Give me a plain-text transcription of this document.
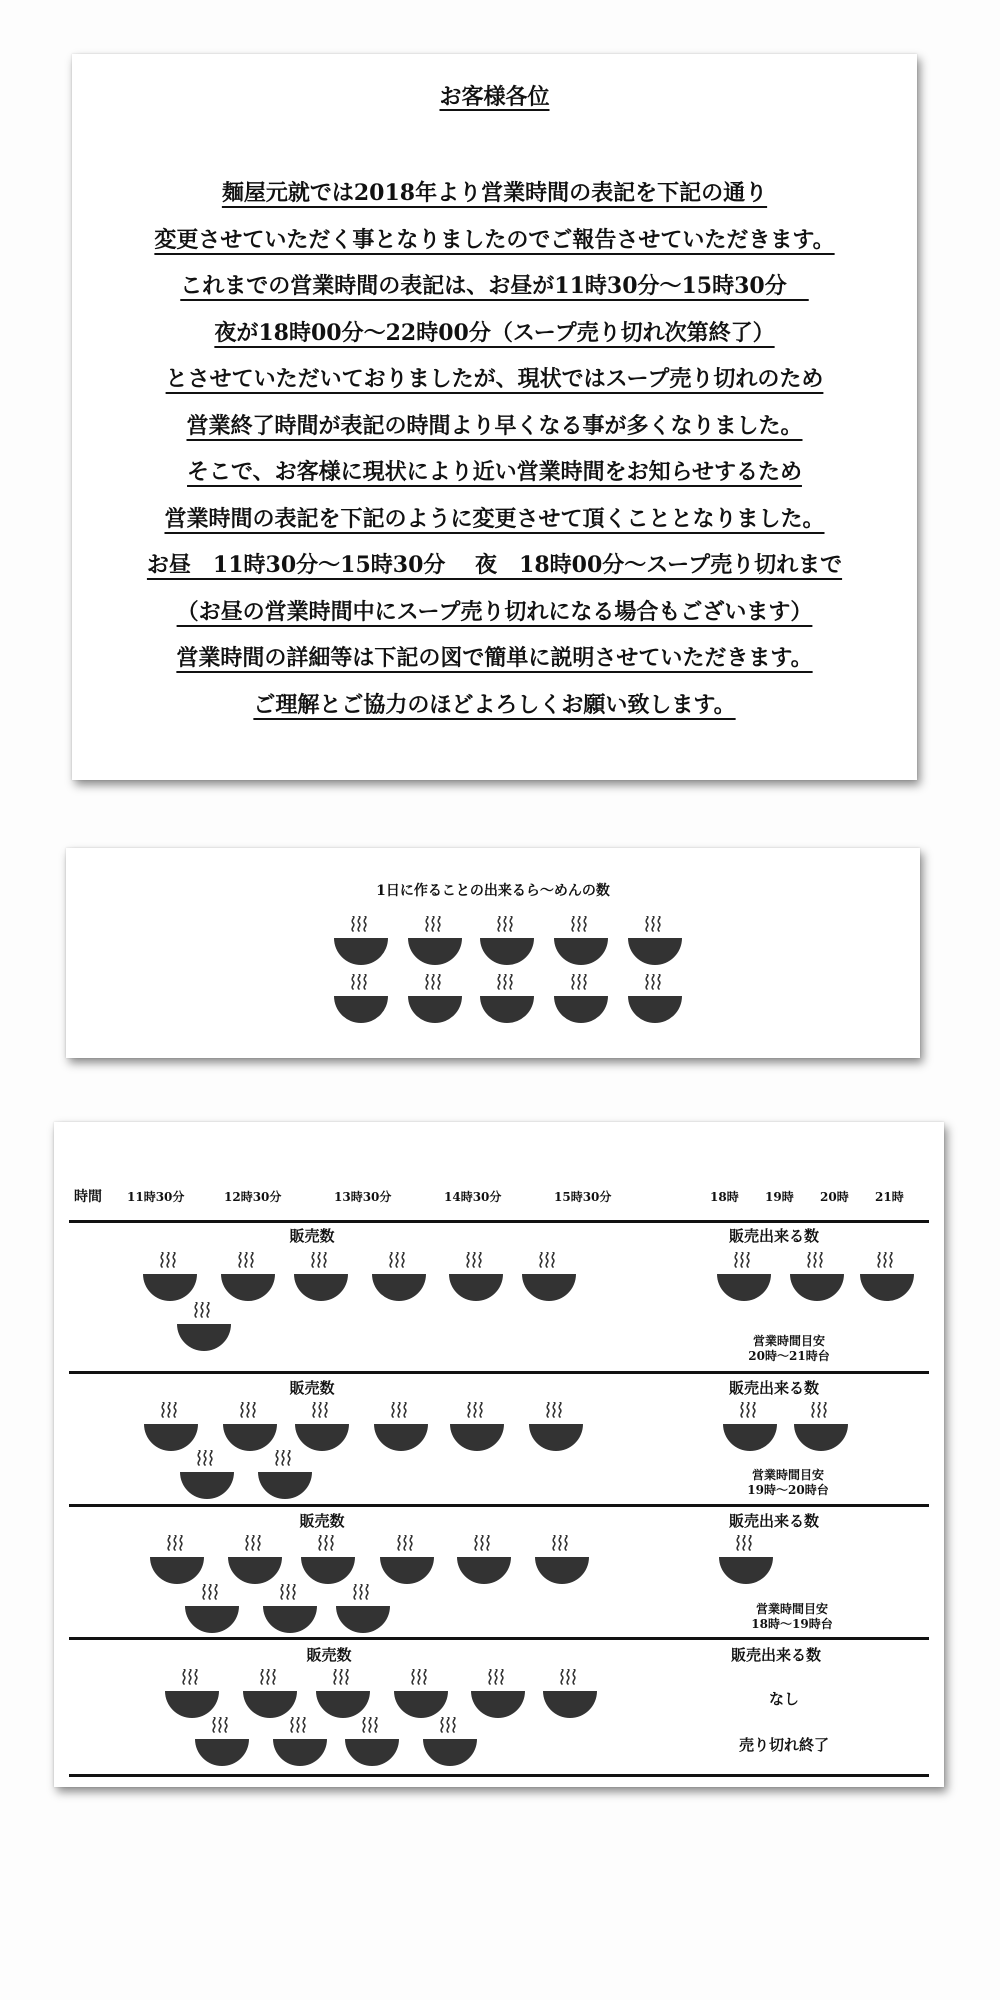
お客様各位
麺屋元就では2018年より営業時間の表記を下記の通り
変更させていただく事となりましたのでご報告させていただきます。
これまでの営業時間の表記は、お昼が11時30分～15時30分　
夜が18時00分～22時00分（スープ売り切れ次第終了）
とさせていただいておりましたが、現状ではスープ売り切れのため
営業終了時間が表記の時間より早くなる事が多くなりました。
そこで、お客様に現状により近い営業時間をお知らせするため
営業時間の表記を下記のように変更させて頂くこととなりました。
お昼　11時30分～15時30分　 夜　18時00分～スープ売り切れまで
（お昼の営業時間中にスープ売り切れになる場合もございます）
営業時間の詳細等は下記の図で簡単に説明させていただきます。
ご理解とご協力のほどよろしくお願い致します。
1日に作ることの出来るら～めんの数
時間 11時30分	12時30分	13時30分	14時30分	15時30分	18時 19時 20時 21時
販売数	販売出来る数
営業時間目安
20時～21時台
販売数	販売出来る数
営業時間目安
19時～20時台
販売数	販売出来る数
営業時間目安
18時～19時台
販売数	販売出来る数
なし
売り切れ終了
